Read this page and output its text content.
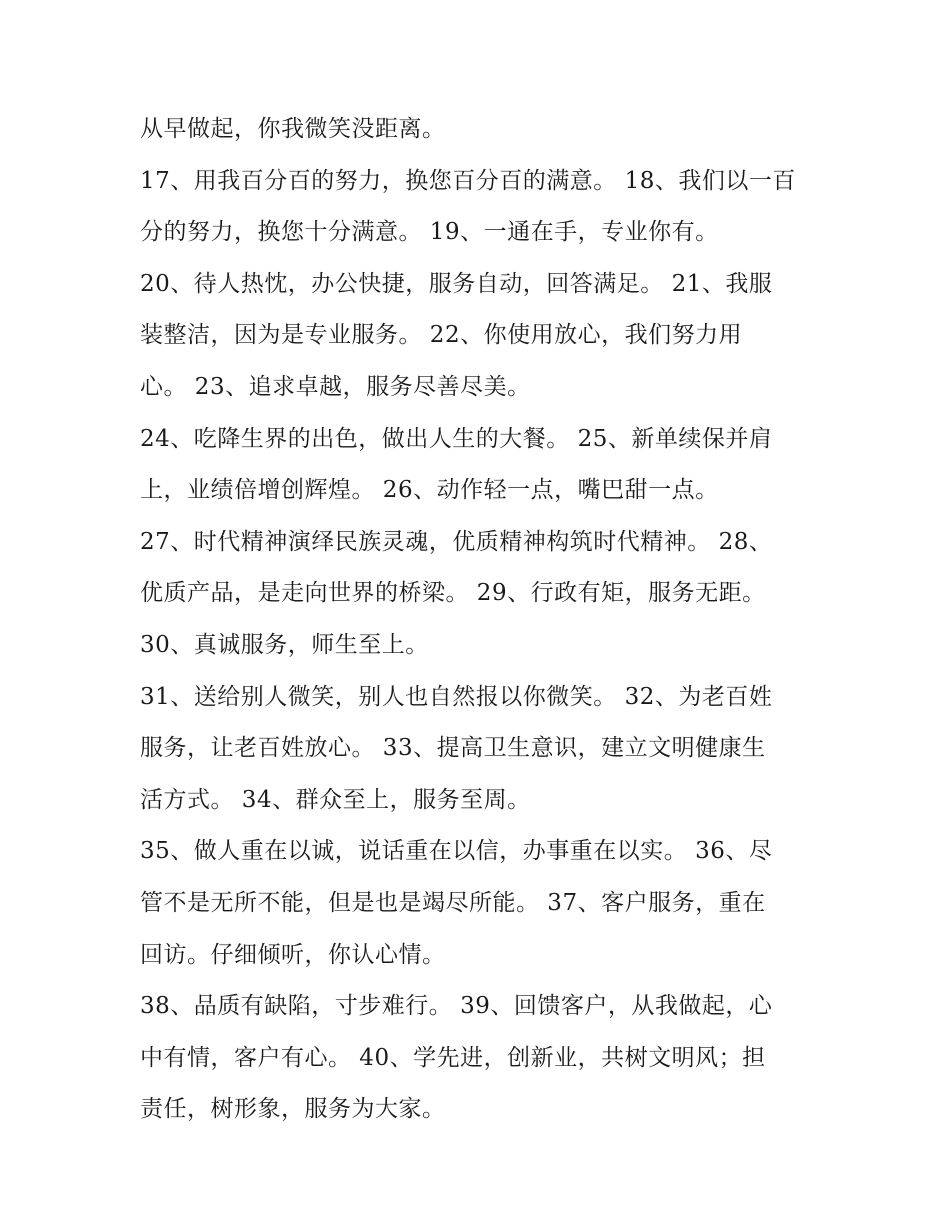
从早做起，你我微笑没距离。
17、用我百分百的努力，换您百分百的满意。 18、我们以一百
分的努力，换您十分满意。 19、一通在手，专业你有。
20、待人热忱，办公快捷，服务自动，回答满足。 21、我服
装整洁，因为是专业服务。 22、你使用放心，我们努力用
心。 23、追求卓越，服务尽善尽美。
24、吃降生界的出色，做出人生的大餐。 25、新单续保并肩
上，业绩倍增创辉煌。 26、动作轻一点，嘴巴甜一点。
27、时代精神演绎民族灵魂，优质精神构筑时代精神。 28、
优质产品，是走向世界的桥梁。 29、行政有矩，服务无距。
30、真诚服务，师生至上。
31、送给别人微笑，别人也自然报以你微笑。 32、为老百姓
服务，让老百姓放心。 33、提高卫生意识，建立文明健康生
活方式。 34、群众至上，服务至周。
35、做人重在以诚，说话重在以信，办事重在以实。 36、尽
管不是无所不能，但是也是竭尽所能。 37、客户服务，重在
回访。仔细倾听，你认心情。
38、品质有缺陷，寸步难行。 39、回馈客户，从我做起，心
中有情，客户有心。 40、学先进，创新业，共树文明风；担
责任，树形象，服务为大家。
